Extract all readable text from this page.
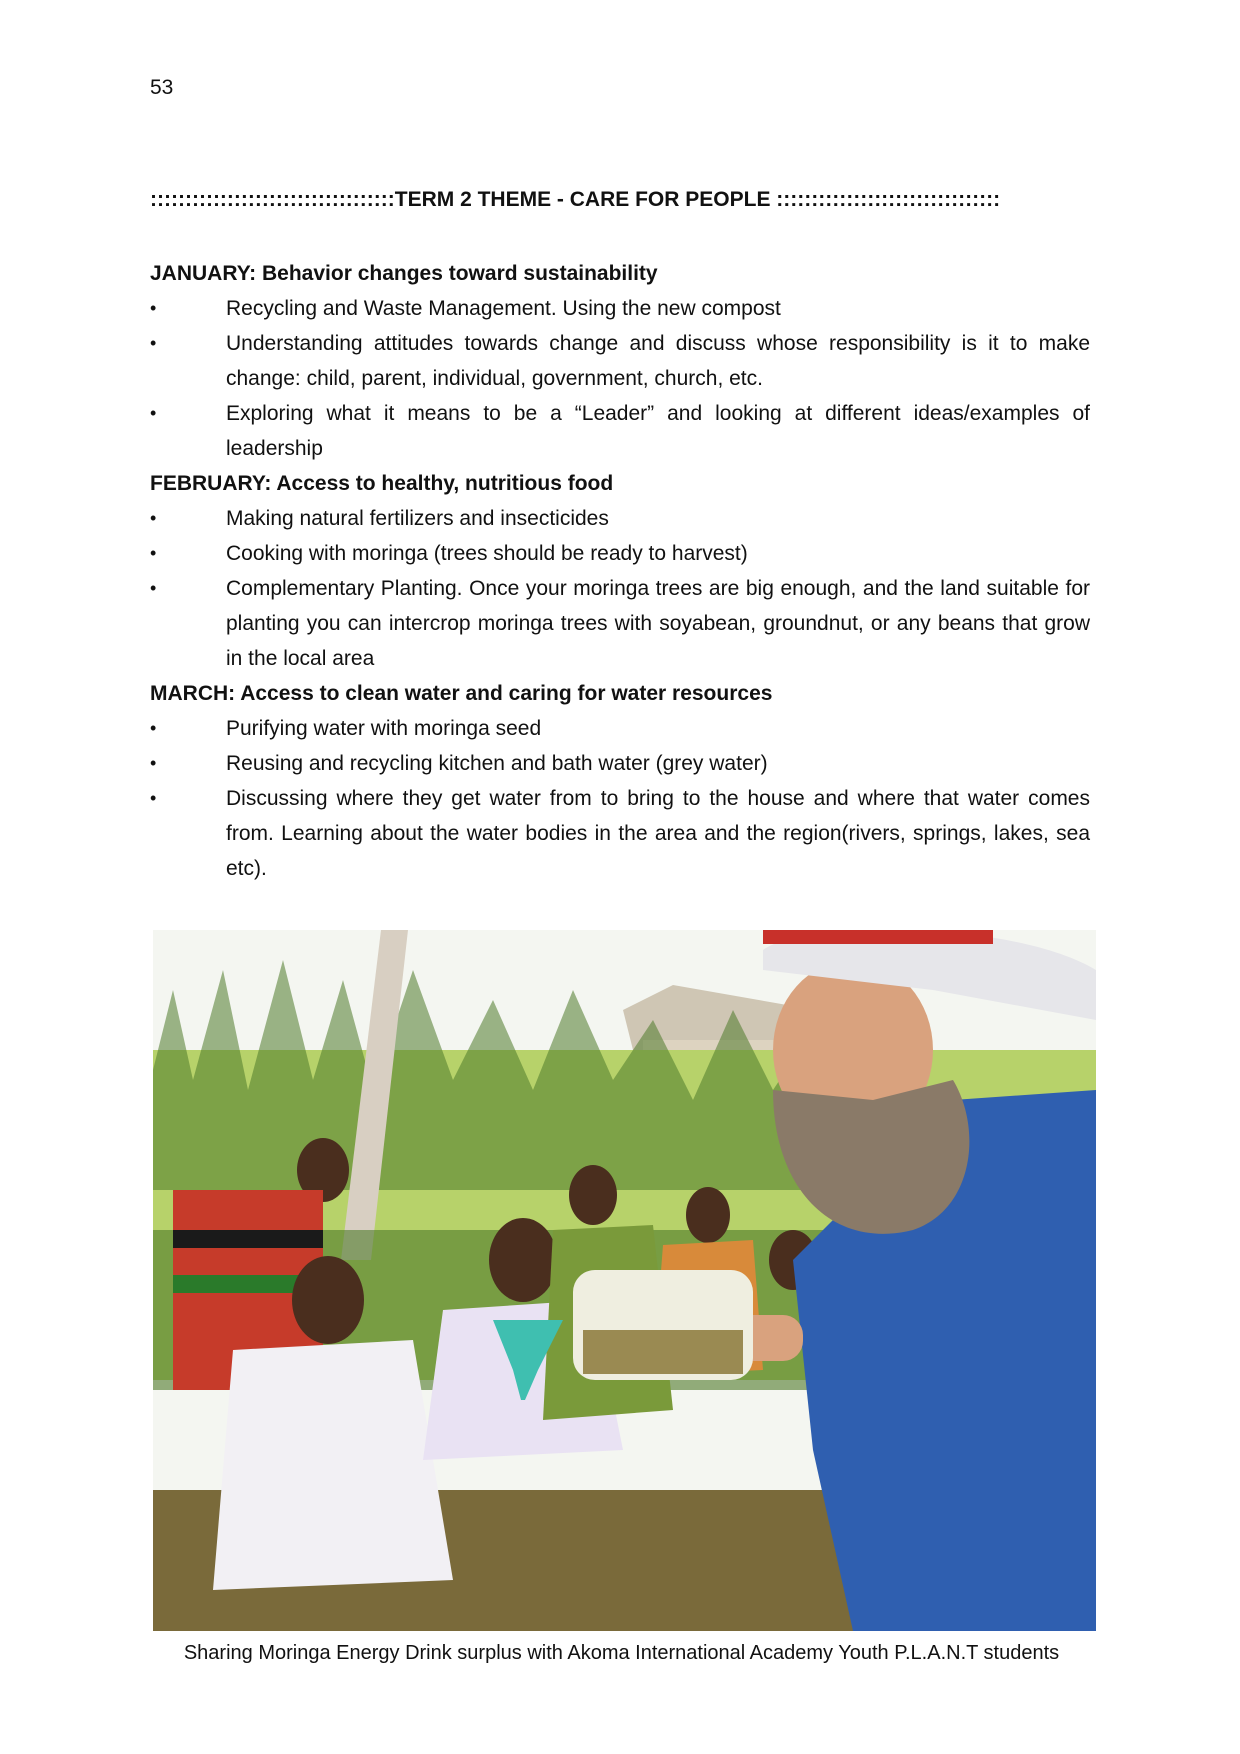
53
:::::::::::::::::::::::::::::::::::TERM 2 THEME - CARE FOR PEOPLE ::::::::::::::::::::::::::::::::
JANUARY: Behavior changes toward sustainability
•	Recycling and Waste Management. Using the new compost
•	Understanding attitudes towards change and discuss whose responsibility is it to make change: child, parent, individual, government, church, etc.
•	Exploring what it means to be a “Leader” and looking at different ideas/examples of leadership
FEBRUARY: Access to healthy, nutritious food
•	Making natural fertilizers and insecticides
•	Cooking with moringa (trees should be ready to harvest)
•	Complementary Planting. Once your moringa trees are big enough, and the land suitable for planting you can intercrop moringa trees with soyabean, groundnut, or any beans that grow in the local area
MARCH: Access to clean water and caring for water resources
•	Purifying water with moringa seed
•	Reusing and recycling kitchen and bath water (grey water)
•	Discussing where they get water from to bring to the house and where that water comes from. Learning about the water bodies in the area and the region(rivers, springs, lakes, sea etc).
Sharing Moringa Energy Drink surplus with Akoma International Academy Youth P.L.A.N.T students
